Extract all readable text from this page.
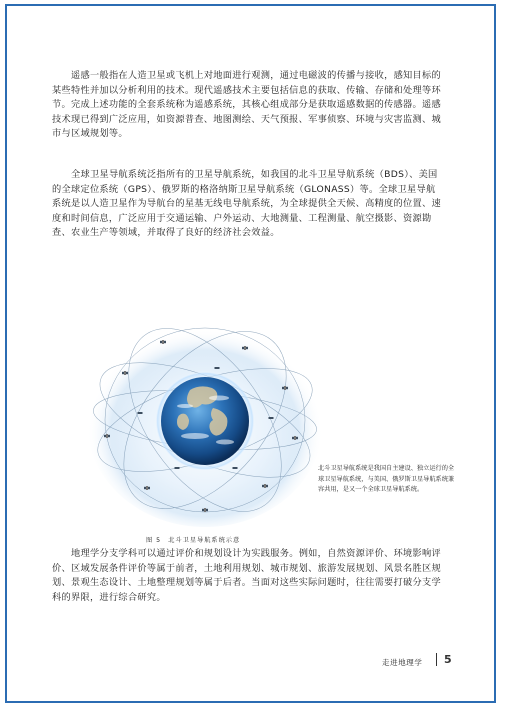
遥感一般指在人造卫星或飞机上对地面进行观测，通过电磁波的传播与接收，感知目标的某些特性并加以分析利用的技术。现代遥感技术主要包括信息的获取、传输、存储和处理等环节。完成上述功能的全套系统称为遥感系统，其核心组成部分是获取遥感数据的传感器。遥感技术现已得到广泛应用，如资源普查、地图测绘、天气预报、军事侦察、环境与灾害监测、城市与区域规划等。

全球卫星导航系统泛指所有的卫星导航系统，如我国的北斗卫星导航系统（BDS）、美国的全球定位系统（GPS）、俄罗斯的格洛纳斯卫星导航系统（GLONASS）等。全球卫星导航系统是以人造卫星作为导航台的星基无线电导航系统，为全球提供全天候、高精度的位置、速度和时间信息，广泛应用于交通运输、户外运动、大地测量、工程测量、航空摄影、资源勘查、农业生产等领域，并取得了良好的经济社会效益。

北斗卫星导航系统是我国自主建设、独立运行的全球卫星导航系统，与美国、俄罗斯卫星导航系统兼容共用，是又一个全球卫星导航系统。

图 5　北斗卫星导航系统示意

地理学分支学科可以通过评价和规划设计为实践服务。例如，自然资源评价、环境影响评价、区域发展条件评价等属于前者，土地利用规划、城市规划、旅游发展规划、风景名胜区规划、景观生态设计、土地整理规划等属于后者。当面对这些实际问题时，往往需要打破分支学科的界限，进行综合研究。

走进地理学 5
